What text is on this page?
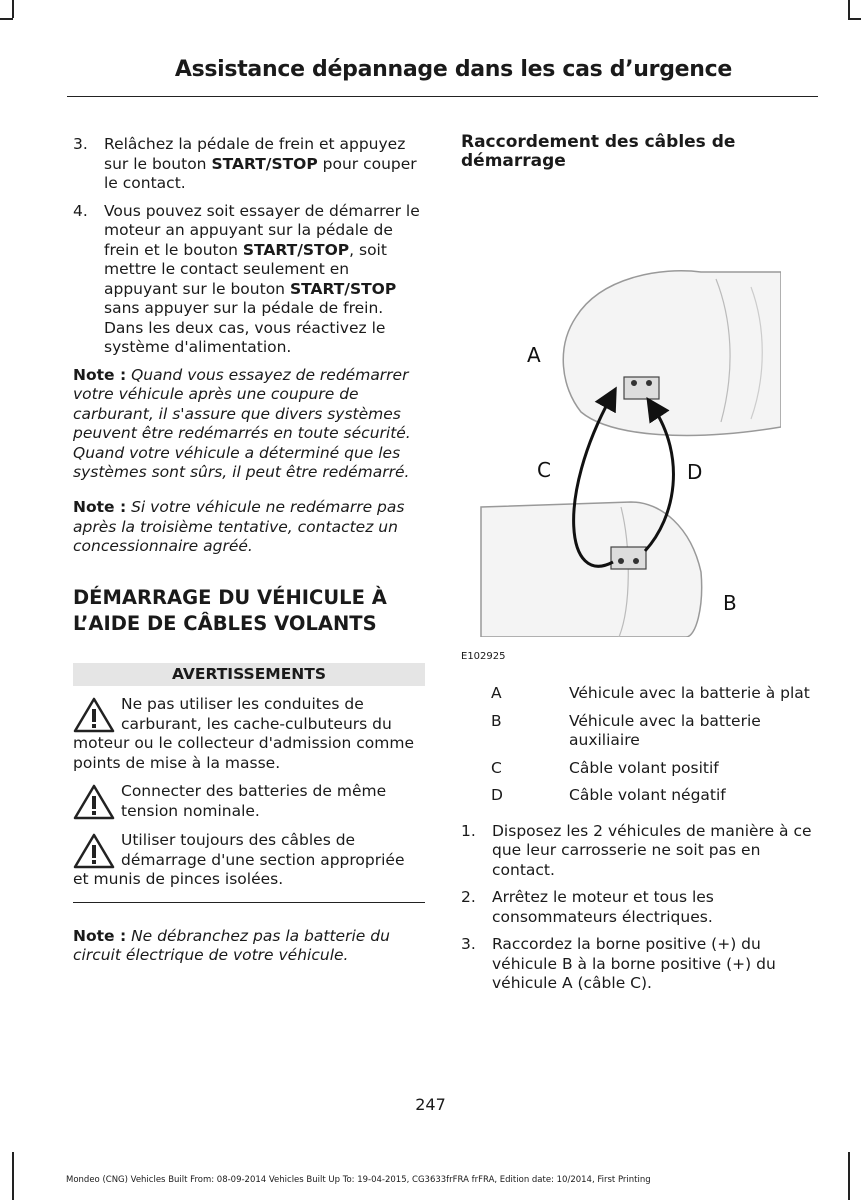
Assistance dépannage dans les cas d’urgence
3.	Relâchez la pédale de frein et appuyez sur le bouton START/STOP pour couper le contact.
4.	Vous pouvez soit essayer de démarrer le moteur an appuyant sur la pédale de frein et le bouton START/STOP, soit mettre le contact seulement en appuyant sur le bouton START/STOP sans appuyer sur la pédale de frein. Dans les deux cas, vous réactivez le système d'alimentation.

Note : Quand vous essayez de redémarrer votre véhicule après une coupure de carburant, il s'assure que divers systèmes peuvent être redémarrés en toute sécurité. Quand votre véhicule a déterminé que les systèmes sont sûrs, il peut être redémarré.

Note : Si votre véhicule ne redémarre pas après la troisième tentative, contactez un concessionnaire agréé.

DÉMARRAGE DU VÉHICULE À L’AIDE DE CÂBLES VOLANTS
AVERTISSEMENTS
Ne pas utiliser les conduites de carburant, les cache-culbuteurs du moteur ou le collecteur d'admission comme points de mise à la masse.
Connecter des batteries de même tension nominale.
Utiliser toujours des câbles de démarrage d'une section appropriée et munis de pinces isolées.

Note : Ne débranchez pas la batterie du circuit électrique de votre véhicule.

Raccordement des câbles de démarrage

A
C	D
B
E102925
A	Véhicule avec la batterie à plat
B	Véhicule avec la batterie auxiliaire
C	Câble volant positif
D	Câble volant négatif
1.	Disposez les 2 véhicules de manière à ce que leur carrosserie ne soit pas en contact.
2.	Arrêtez le moteur et tous les consommateurs électriques.
3.	Raccordez la borne positive (+) du véhicule B à la borne positive (+) du véhicule A (câble C).
247
Mondeo (CNG) Vehicles Built From: 08-09-2014 Vehicles Built Up To: 19-04-2015, CG3633frFRA frFRA, Edition date: 10/2014, First Printing
